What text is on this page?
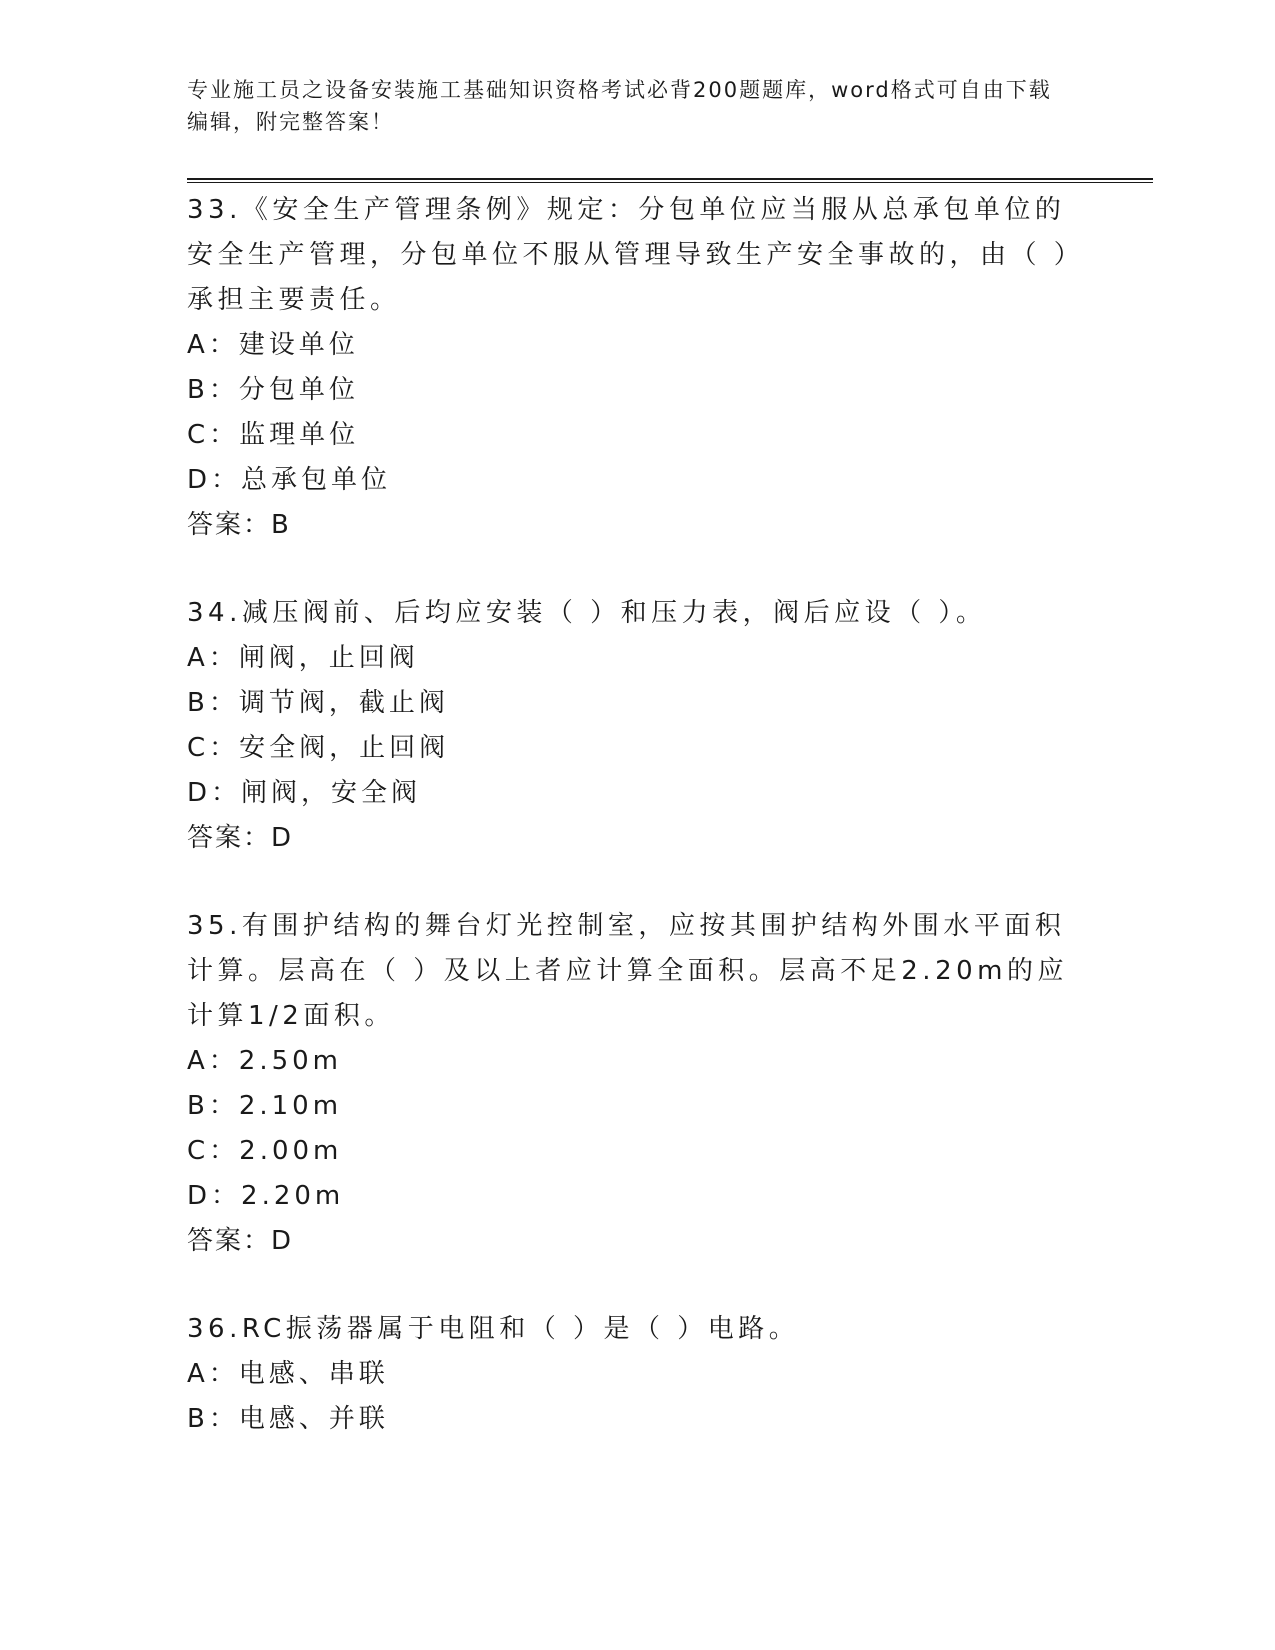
专业施工员之设备安装施工基础知识资格考试必背200题题库，word格式可自由下载编辑，附完整答案！

33.《安全生产管理条例》规定：分包单位应当服从总承包单位的安全生产管理，分包单位不服从管理导致生产安全事故的，由（ ）承担主要责任。

A：建设单位

B：分包单位

C：监理单位

D：总承包单位

答案：B

34.减压阀前、后均应安装（ ）和压力表，阀后应设（ ）。

A：闸阀，止回阀

B：调节阀，截止阀

C：安全阀，止回阀

D：闸阀，安全阀

答案：D

35.有围护结构的舞台灯光控制室，应按其围护结构外围水平面积计算。层高在（ ）及以上者应计算全面积。层高不足2.20m的应计算1/2面积。

A：2.50m

B：2.10m

C：2.00m

D：2.20m

答案：D

36.RC振荡器属于电阻和（ ）是（ ）电路。

A：电感、串联

B：电感、并联
